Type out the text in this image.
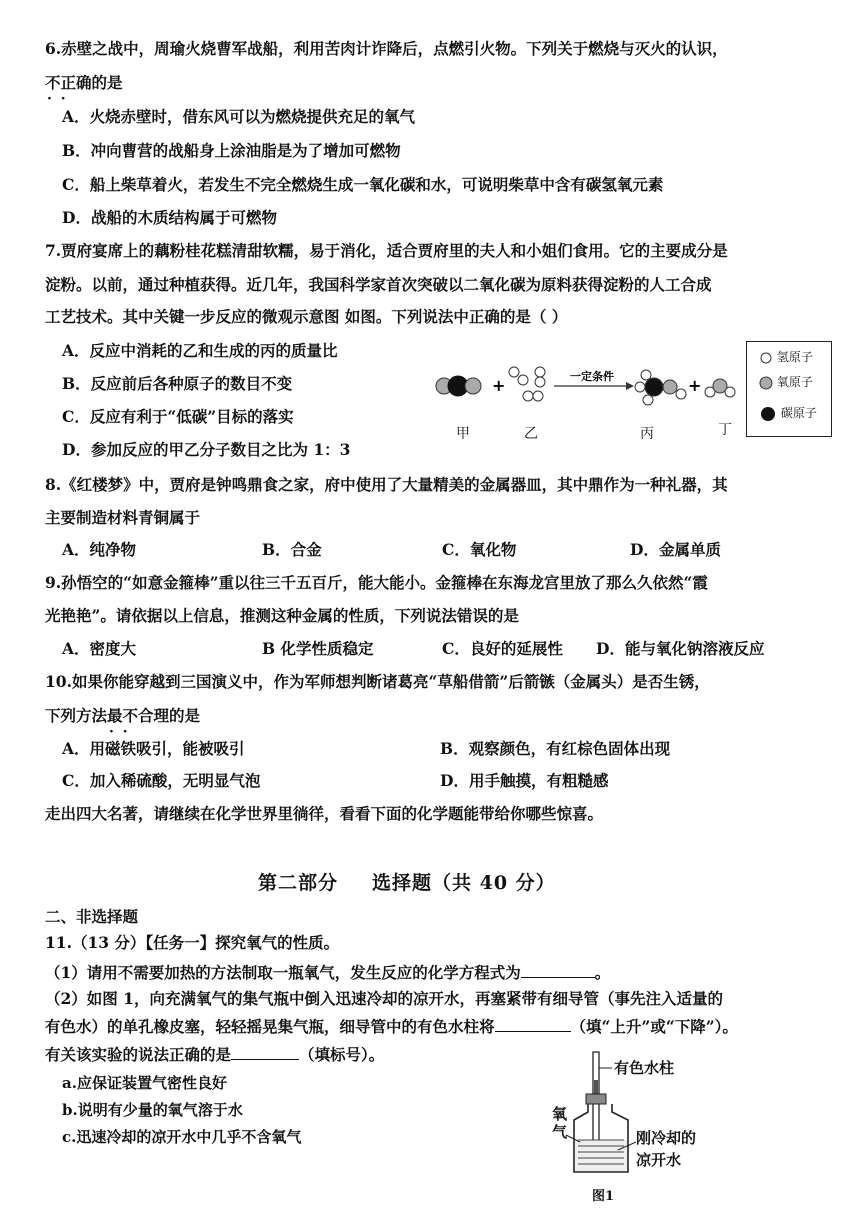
6.赤壁之战中，周瑜火烧曹军战船，利用苦肉计诈降后，点燃引火物。下列关于燃烧与灭火的认识，
不正确 · ·的是
A．火烧赤壁时，借东风可以为燃烧提供充足的氧气
B．冲向曹营的战船身上涂油脂是为了增加可燃物
C．船上柴草着火，若发生不完全燃烧生成一氧化碳和水，可说明柴草中含有碳氢氧元素
D．战船的木质结构属于可燃物
7.贾府宴席上的藕粉桂花糕清甜软糯，易于消化，适合贾府里的夫人和小姐们食用。它的主要成分是
淀粉。以前，通过种植获得。近几年，我国科学家首次突破以二氧化碳为原料获得淀粉的人工合成
工艺技术。其中关键一步反应的微观示意图 如图。下列说法中正确的是（ ）
A．反应中消耗的乙和生成的丙的质量比
B．反应前后各种原子的数目不变
C．反应有利于“低碳”目标的落实
D．参加反应的甲乙分子数目之比为 1：3
+	一定条件	+
甲	乙	丙	丁
氢原子
氧原子
碳原子
8.《红楼梦》中，贾府是钟鸣鼎食之家，府中使用了大量精美的金属器皿，其中鼎作为一种礼器，其
主要制造材料青铜属于
A．纯净物	B．合金	C．氧化物	D．金属单质
9.孙悟空的“如意金箍棒”重以往三千五百斤，能大能小。金箍棒在东海龙宫里放了那么久依然“霞
光艳艳”。请依据以上信息，推测这种金属的性质，下列说法错误的是
A．密度大	B 化学性质稳定	C．良好的延展性 D．能与氧化钠溶液反应
10.如果你能穿越到三国演义中，作为军师想判断诸葛亮“草船借箭”后箭镞（金属头）是否生锈，
下列方法最不合理 · ·的是
A．用磁铁吸引，能被吸引	B．观察颜色，有红棕色固体出现
C．加入稀硫酸，无明显气泡	D．用手触摸，有粗糙感
走出四大名著，请继续在化学世界里徜徉，看看下面的化学题能带给你哪些惊喜。
第二部分 选择题（共 40 分）
二、非选择题
11.（13 分）【任务一】探究氧气的性质。
（1）请用不需要加热的方法制取一瓶氧气，发生反应的化学方程式为	。
（2）如图 1，向充满氧气的集气瓶中倒入迅速冷却的凉开水，再塞紧带有细导管（事先注入适量的
有色水）的单孔橡皮塞，轻轻摇晃集气瓶，细导管中的有色水柱将	（填“上升”或“下降”）。
有关该实验的说法正确的是	（填标号）。
a.应保证装置气密性良好
b.说明有少量的氧气溶于水
c.迅速冷却的凉开水中几乎不含氧气
有色水柱
氧
气	刚冷却的
凉开水
图1
